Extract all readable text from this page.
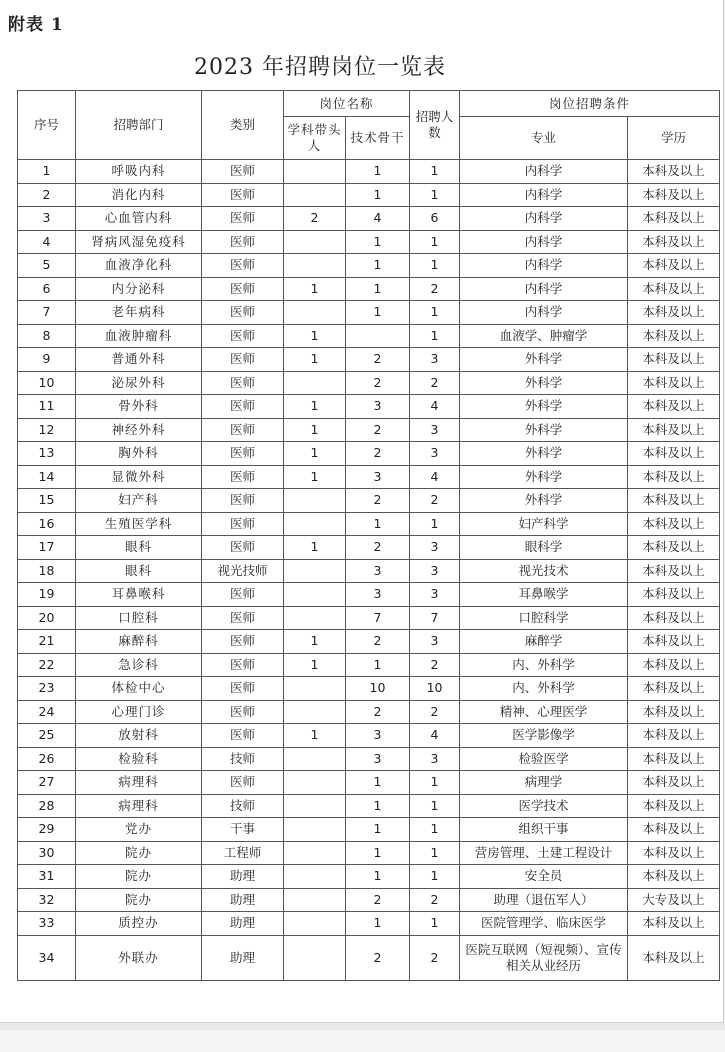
附表 1
2023 年招聘岗位一览表
序号	招聘部门	类别	岗位名称		招聘人数	岗位招聘条件	
			学科带头人	技术骨干		专业	学历
1	呼吸内科	医师		1	1	内科学	本科及以上
2	消化内科	医师		1	1	内科学	本科及以上
3	心血管内科	医师	2	4	6	内科学	本科及以上
4	肾病风湿免疫科	医师		1	1	内科学	本科及以上
5	血液净化科	医师		1	1	内科学	本科及以上
6	内分泌科	医师	1	1	2	内科学	本科及以上
7	老年病科	医师		1	1	内科学	本科及以上
8	血液肿瘤科	医师	1		1	血液学、肿瘤学	本科及以上
9	普通外科	医师	1	2	3	外科学	本科及以上
10	泌尿外科	医师		2	2	外科学	本科及以上
11	骨外科	医师	1	3	4	外科学	本科及以上
12	神经外科	医师	1	2	3	外科学	本科及以上
13	胸外科	医师	1	2	3	外科学	本科及以上
14	显微外科	医师	1	3	4	外科学	本科及以上
15	妇产科	医师		2	2	外科学	本科及以上
16	生殖医学科	医师		1	1	妇产科学	本科及以上
17	眼科	医师	1	2	3	眼科学	本科及以上
18	眼科	视光技师		3	3	视光技术	本科及以上
19	耳鼻喉科	医师		3	3	耳鼻喉学	本科及以上
20	口腔科	医师		7	7	口腔科学	本科及以上
21	麻醉科	医师	1	2	3	麻醉学	本科及以上
22	急诊科	医师	1	1	2	内、外科学	本科及以上
23	体检中心	医师		10	10	内、外科学	本科及以上
24	心理门诊	医师		2	2	精神、心理医学	本科及以上
25	放射科	医师	1	3	4	医学影像学	本科及以上
26	检验科	技师		3	3	检验医学	本科及以上
27	病理科	医师		1	1	病理学	本科及以上
28	病理科	技师		1	1	医学技术	本科及以上
29	党办	干事		1	1	组织干事	本科及以上
30	院办	工程师		1	1	营房管理、土建工程设计	本科及以上
31	院办	助理		1	1	安全员	本科及以上
32	院办	助理		2	2	助理（退伍军人）	大专及以上
33	质控办	助理		1	1	医院管理学、临床医学	本科及以上
34	外联办	助理		2	2	医院互联网（短视频）、宣传相关从业经历	本科及以上
